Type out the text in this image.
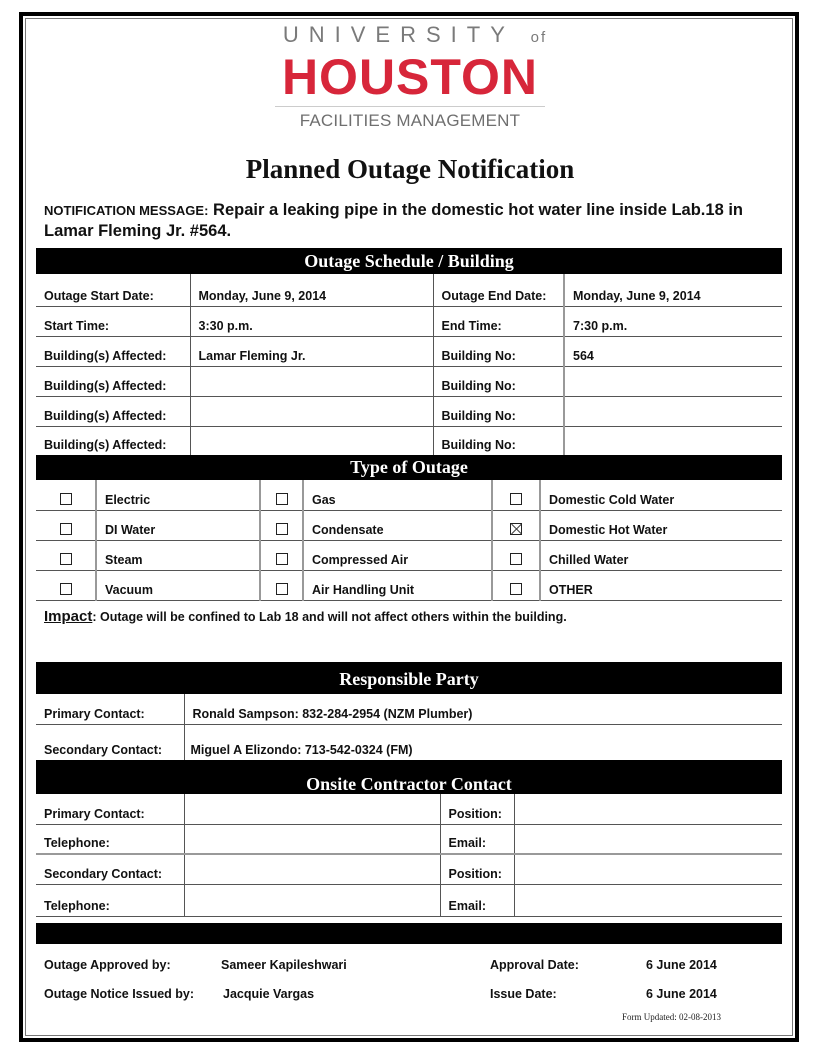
UNIVERSITY of
HOUSTON
FACILITIES MANAGEMENT
Planned Outage Notification
NOTIFICATION MESSAGE: Repair a leaking pipe in the domestic hot water line inside Lab.18 in Lamar Fleming Jr. #564.
Outage Schedule / Building
Outage Start Date:	Monday, June 9, 2014	Outage End Date:	Monday, June 9, 2014
Start Time:	3:30 p.m.	End Time:	7:30 p.m.
Building(s) Affected:	Lamar Fleming Jr.	Building No:	564
Building(s) Affected:		Building No:	
Building(s) Affected:		Building No:	
Building(s) Affected:		Building No:	
Type of Outage
	Electric		Gas		Domestic Cold Water
	DI Water		Condensate		Domestic Hot Water
	Steam		Compressed Air		Chilled Water
	Vacuum		Air Handling Unit		OTHER
Impact: Outage will be confined to Lab 18 and will not affect others within the building.
Responsible Party
Primary Contact:	Ronald Sampson: 832-284-2954 (NZM Plumber)
Secondary Contact:	Miguel A Elizondo: 713-542-0324 (FM)
Onsite Contractor Contact
Primary Contact:		Position:	
Telephone:		Email:	
Secondary Contact:		Position:	
Telephone:		Email:	
Outage Approved by:	Sameer Kapileshwari	Approval Date:	6 June 2014
Outage Notice Issued by: Jacquie Vargas	Issue Date:	6 June 2014
Form Updated: 02-08-2013
